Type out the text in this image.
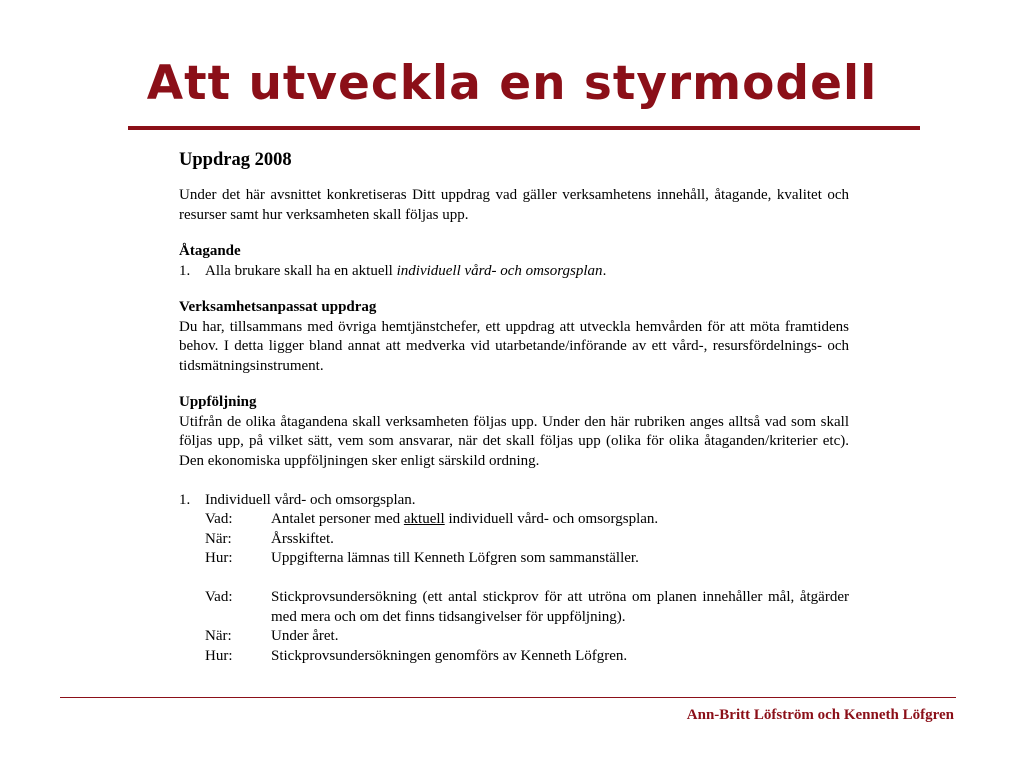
Att utveckla en styrmodell
Uppdrag 2008

Under det här avsnittet konkretiseras Ditt uppdrag vad gäller verksamhetens innehåll, åtagande, kvalitet och resurser samt hur verksamheten skall följas upp.

Åtagande
1. Alla brukare skall ha en aktuell individuell vård- och omsorgsplan.
Verksamhetsanpassat uppdrag

Du har, tillsammans med övriga hemtjänstchefer, ett uppdrag att utveckla hemvården för att möta framtidens behov. I detta ligger bland annat att medverka vid utarbetande/införande av ett vård-, resursfördelnings- och tidsmätningsinstrument.

Uppföljning

Utifrån de olika åtagandena skall verksamheten följas upp. Under den här rubriken anges alltså vad som skall följas upp, på vilket sätt, vem som ansvarar, när det skall följas upp (olika för olika åtaganden/kriterier etc). Den ekonomiska uppföljningen sker enligt särskild ordning.

1. Individuell vård- och omsorgsplan.
Vad:	Antalet personer med aktuell individuell vård- och omsorgsplan.
När:	Årsskiftet.
Hur:	Uppgifterna lämnas till Kenneth Löfgren som sammanställer.
Vad:	Stickprovsundersökning (ett antal stickprov för att utröna om planen innehåller mål, åtgärder med mera och om det finns tidsangivelser för uppföljning).
När:	Under året.
Hur:	Stickprovsundersökningen genomförs av Kenneth Löfgren.
Ann-Britt Löfström och Kenneth Löfgren
